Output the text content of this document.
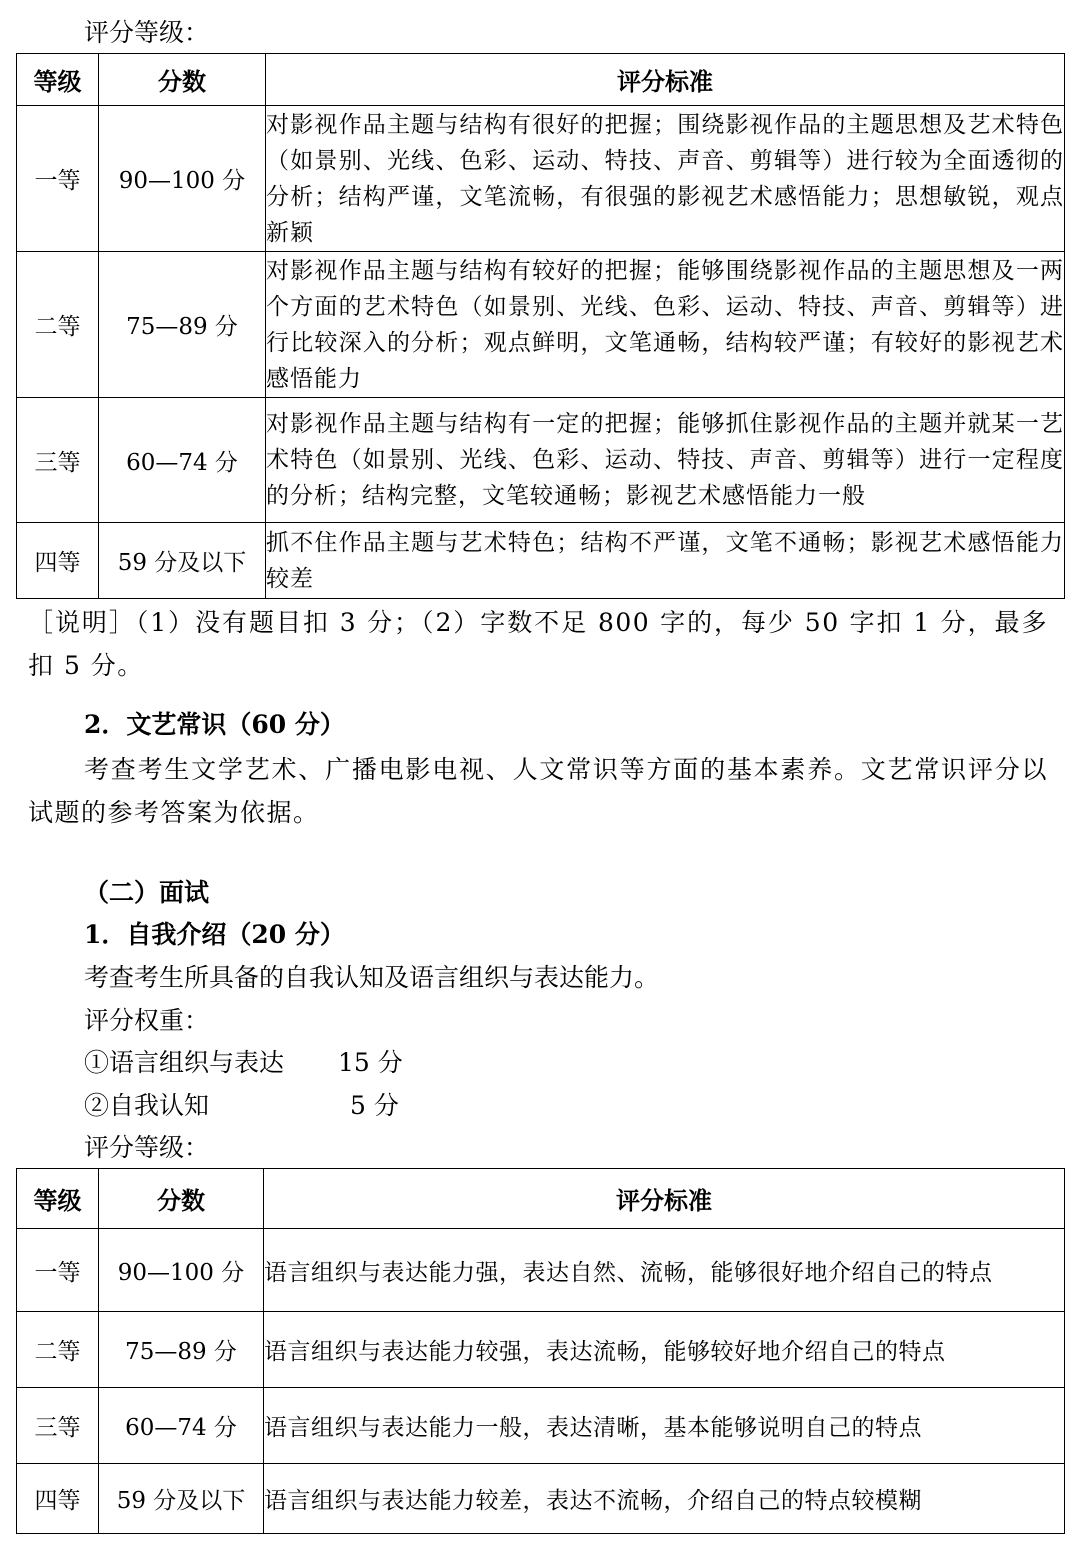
评分等级：
等级	分数	评分标准
一等	90—100 分	对影视作品主题与结构有很好的把握；围绕影视作品的主题思想及艺术特色（如景别、光线、色彩、运动、特技、声音、剪辑等）进行较为全面透彻的分析；结构严谨，文笔流畅，有很强的影视艺术感悟能力；思想敏锐，观点新颖
二等	75—89 分	对影视作品主题与结构有较好的把握；能够围绕影视作品的主题思想及一两个方面的艺术特色（如景别、光线、色彩、运动、特技、声音、剪辑等）进行比较深入的分析；观点鲜明，文笔通畅，结构较严谨；有较好的影视艺术感悟能力
三等	60—74 分	对影视作品主题与结构有一定的把握；能够抓住影视作品的主题并就某一艺术特色（如景别、光线、色彩、运动、特技、声音、剪辑等）进行一定程度的分析；结构完整，文笔较通畅；影视艺术感悟能力一般
四等	59 分及以下	抓不住作品主题与艺术特色；结构不严谨，文笔不通畅；影视艺术感悟能力较差
［说明］（1）没有题目扣 3 分；（2）字数不足 800 字的，每少 50 字扣 1 分，最多扣 5 分。
2．文艺常识（60 分）
考查考生文学艺术、广播电影电视、人文常识等方面的基本素养。文艺常识评分以试题的参考答案为依据。
（二）面试
1．自我介绍（20 分）
考查考生所具备的自我认知及语言组织与表达能力。
评分权重：
①语言组织与表达 15 分
②自我认知	5 分
评分等级：
等级	分数	评分标准
一等	90—100 分	语言组织与表达能力强，表达自然、流畅，能够很好地介绍自己的特点
二等	75—89 分	语言组织与表达能力较强，表达流畅，能够较好地介绍自己的特点
三等	60—74 分	语言组织与表达能力一般，表达清晰，基本能够说明自己的特点
四等	59 分及以下	语言组织与表达能力较差，表达不流畅，介绍自己的特点较模糊
